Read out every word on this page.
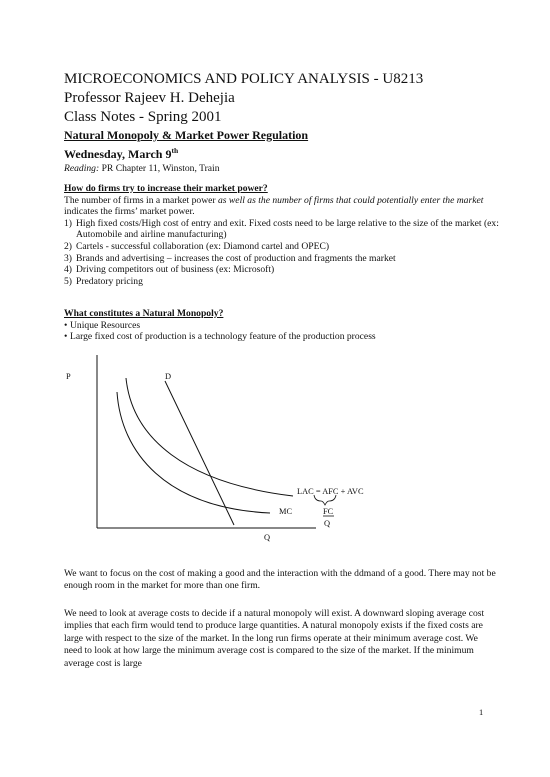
MICROECONOMICS AND POLICY ANALYSIS - U8213
Professor Rajeev H. Dehejia
Class Notes - Spring 2001
Natural Monopoly & Market Power Regulation
Wednesday, March 9th
Reading: PR Chapter 11, Winston, Train
How do firms try to increase their market power?
The number of firms in a market power as well as the number of firms that could potentially enter the market indicates the firms’ market power.
1) High fixed costs/High cost of entry and exit. Fixed costs need to be large relative to the size of the market (ex: Automobile and airline manufacturing)
2) Cartels - successful collaboration (ex: Diamond cartel and OPEC)
3) Brands and advertising – increases the cost of production and fragments the market
4) Driving competitors out of business (ex: Microsoft)
5) Predatory pricing
What constitutes a Natural Monopoly?
• Unique Resources
• Large fixed cost of production is a technology feature of the production process
P	D
LAC = AFC + AVC
MC	FC
Q
Q
We want to focus on the cost of making a good and the interaction with the ddmand of a good. There may not be enough room in the market for more than one firm.
We need to look at average costs to decide if a natural monopoly will exist. A downward sloping average cost implies that each firm would tend to produce large quantities. A natural monopoly exists if the fixed costs are large with respect to the size of the market. In the long run firms operate at their minimum average cost. We need to look at how large the minimum average cost is compared to the size of the market. If the minimum average cost is large
1
